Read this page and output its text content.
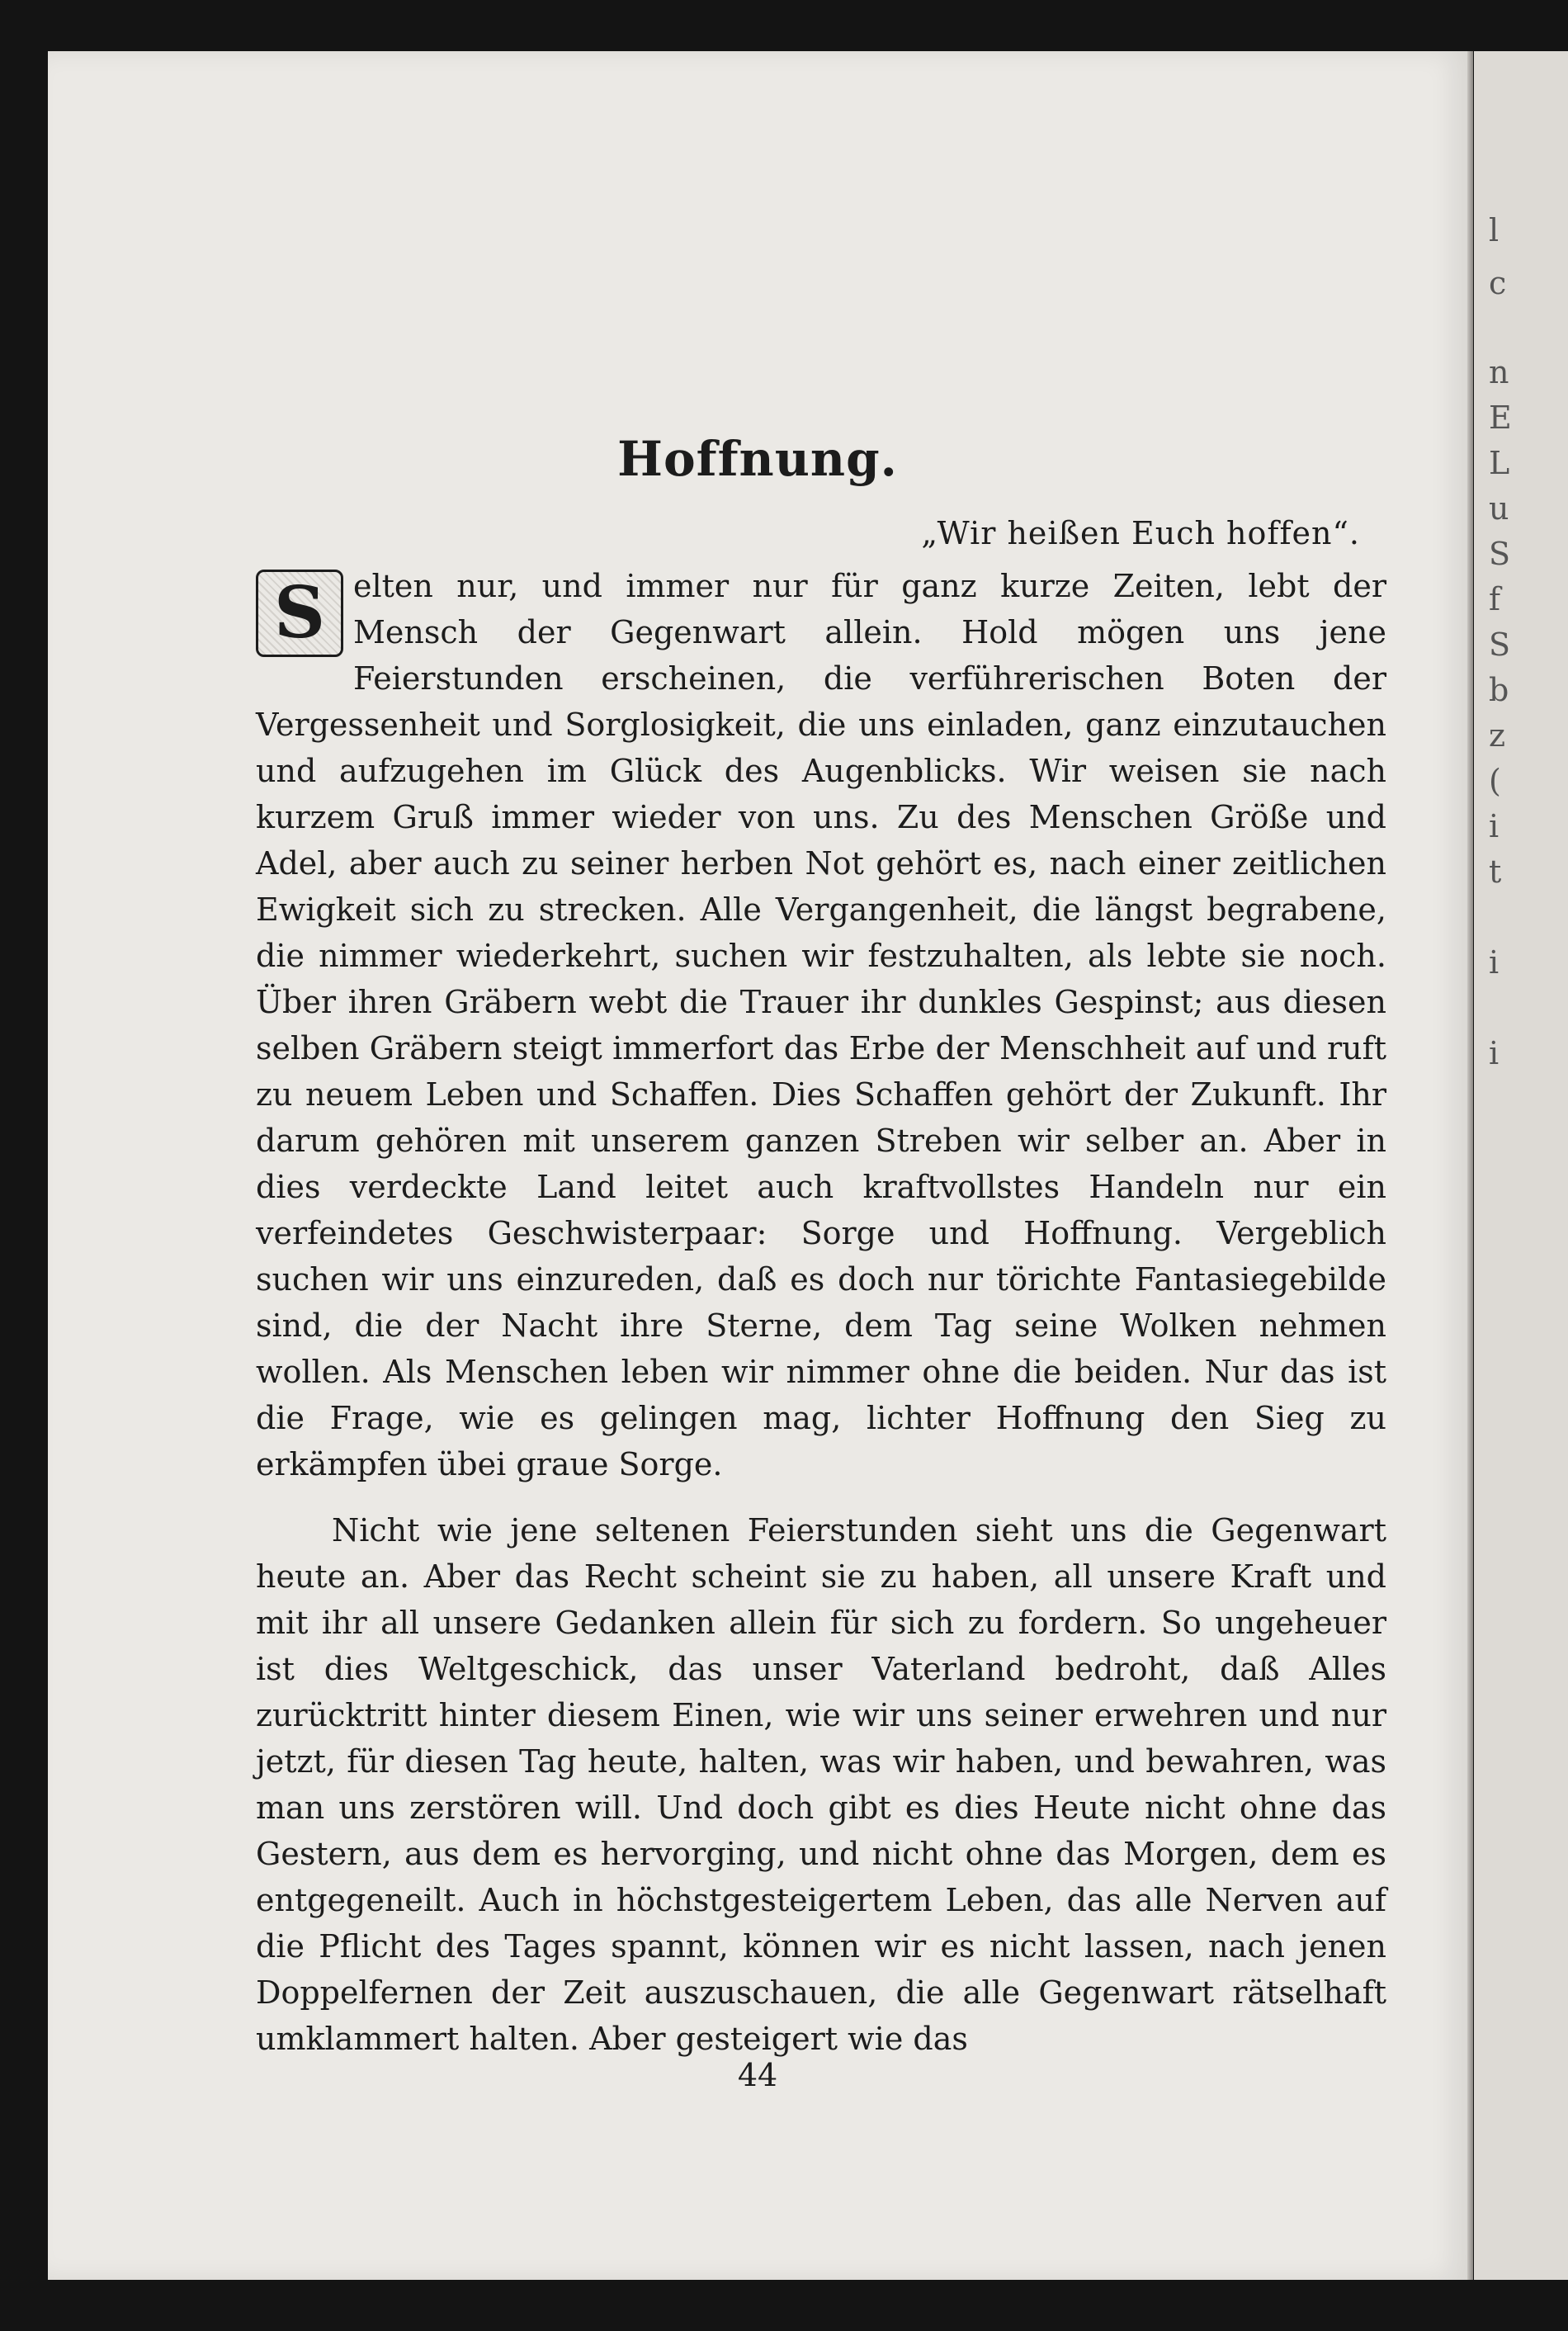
Hoffnung.
„Wir heißen Euch hoffen“.

S elten nur, und immer nur für ganz kurze Zeiten, lebt der Mensch der Gegenwart allein. Hold mögen uns jene Feierstunden erscheinen, die verführerischen Boten der Vergessenheit und Sorglosigkeit, die uns einladen, ganz einzutauchen und aufzugehen im Glück des Augenblicks. Wir weisen sie nach kurzem Gruß immer wieder von uns. Zu des Menschen Größe und Adel, aber auch zu seiner herben Not gehört es, nach einer zeitlichen Ewigkeit sich zu strecken. Alle Vergangenheit, die längst begrabene, die nimmer wiederkehrt, suchen wir festzuhalten, als lebte sie noch. Über ihren Gräbern webt die Trauer ihr dunkles Gespinst; aus diesen selben Gräbern steigt immerfort das Erbe der Menschheit auf und ruft zu neuem Leben und Schaffen. Dies Schaffen gehört der Zukunft. Ihr darum gehören mit unserem ganzen Streben wir selber an. Aber in dies verdeckte Land leitet auch kraftvollstes Handeln nur ein verfeindetes Geschwisterpaar: Sorge und Hoffnung. Vergeblich suchen wir uns einzureden, daß es doch nur törichte Fantasiegebilde sind, die der Nacht ihre Sterne, dem Tag seine Wolken nehmen wollen. Als Menschen leben wir nimmer ohne die beiden. Nur das ist die Frage, wie es gelingen mag, lichter Hoffnung den Sieg zu erkämpfen übei graue Sorge.

Nicht wie jene seltenen Feierstunden sieht uns die Gegenwart heute an. Aber das Recht scheint sie zu haben, all unsere Kraft und mit ihr all unsere Gedanken allein für sich zu fordern. So ungeheuer ist dies Weltgeschick, das unser Vaterland bedroht, daß Alles zurücktritt hinter diesem Einen, wie wir uns seiner erwehren und nur jetzt, für diesen Tag heute, halten, was wir haben, und bewahren, was man uns zerstören will. Und doch gibt es dies Heute nicht ohne das Gestern, aus dem es hervorging, und nicht ohne das Morgen, dem es entgegeneilt. Auch in höchstgesteigertem Leben, das alle Nerven auf die Pflicht des Tages spannt, können wir es nicht lassen, nach jenen Doppelfernen der Zeit auszuschauen, die alle Gegenwart rätselhaft umklammert halten. Aber gesteigert wie das

44
l
c
n
E
L
u
S
f
S
b
z
(
i
t
i
i
